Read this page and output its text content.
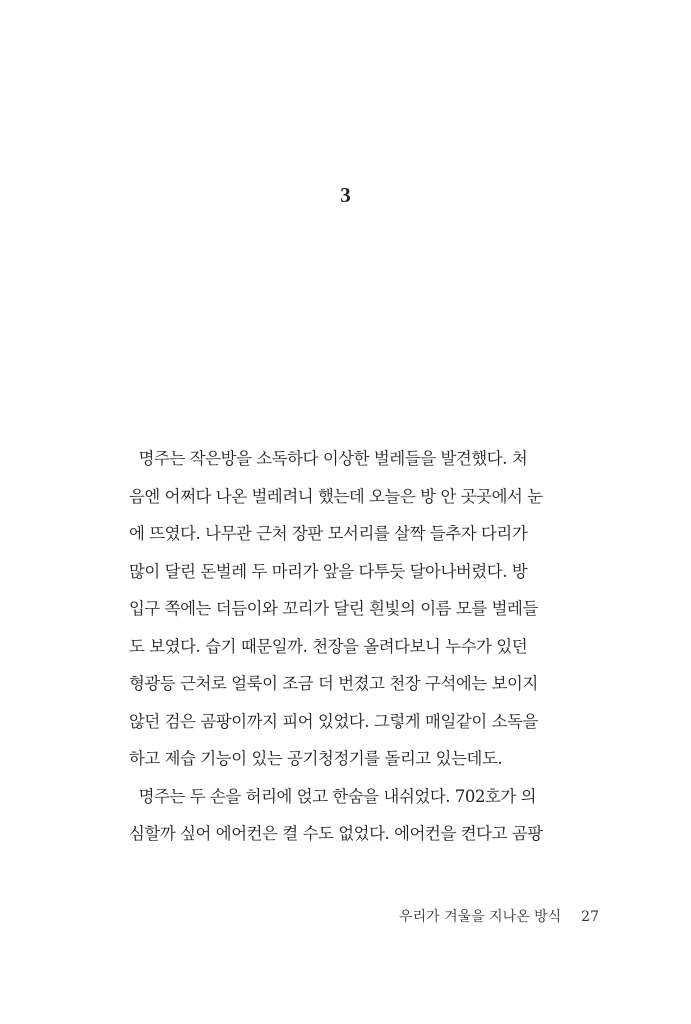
3
명주는 작은방을 소독하다 이상한 벌레들을 발견했다. 처
음엔 어쩌다 나온 벌레려니 했는데 오늘은 방 안 곳곳에서 눈
에 뜨였다. 나무관 근처 장판 모서리를 살짝 들추자 다리가
많이 달린 돈벌레 두 마리가 앞을 다투듯 달아나버렸다. 방
입구 쪽에는 더듬이와 꼬리가 달린 흰빛의 이름 모를 벌레들
도 보였다. 습기 때문일까. 천장을 올려다보니 누수가 있던
형광등 근처로 얼룩이 조금 더 번졌고 천장 구석에는 보이지
않던 검은 곰팡이까지 피어 있었다. 그렇게 매일같이 소독을
하고 제습 기능이 있는 공기청정기를 돌리고 있는데도.
명주는 두 손을 허리에 얹고 한숨을 내쉬었다. 702호가 의
심할까 싶어 에어컨은 켤 수도 없었다. 에어컨을 켠다고 곰팡
우리가 겨울을 지나온 방식 27
